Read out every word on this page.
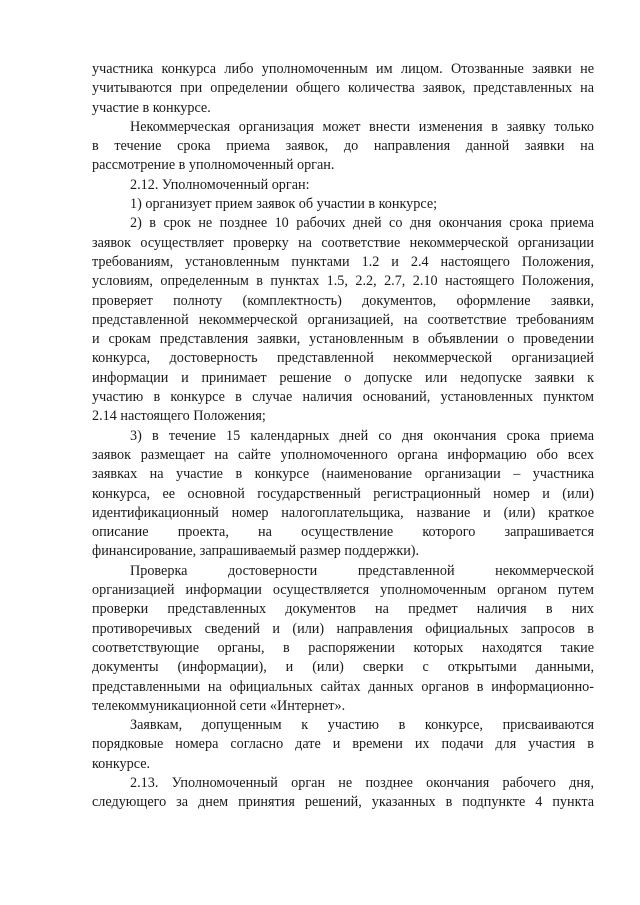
участника конкурса либо уполномоченным им лицом. Отозванные заявки не
учитываются при определении общего количества заявок, представленных на
участие в конкурсе.
Некоммерческая организация может внести изменения в заявку только
в течение срока приема заявок, до направления данной заявки на
рассмотрение в уполномоченный орган.
2.12. Уполномоченный орган:
1) организует прием заявок об участии в конкурсе;
2) в срок не позднее 10 рабочих дней со дня окончания срока приема
заявок осуществляет проверку на соответствие некоммерческой организации
требованиям, установленным пунктами 1.2 и 2.4 настоящего Положения,
условиям, определенным в пунктах 1.5, 2.2, 2.7, 2.10 настоящего Положения,
проверяет полноту (комплектность) документов, оформление заявки,
представленной некоммерческой организацией, на соответствие требованиям
и срокам представления заявки, установленным в объявлении о проведении
конкурса, достоверность представленной некоммерческой организацией
информации и принимает решение о допуске или недопуске заявки к
участию в конкурсе в случае наличия оснований, установленных пунктом
2.14 настоящего Положения;
3) в течение 15 календарных дней со дня окончания срока приема
заявок размещает на сайте уполномоченного органа информацию обо всех
заявках на участие в конкурсе (наименование организации – участника
конкурса, ее основной государственный регистрационный номер и (или)
идентификационный номер налогоплательщика, название и (или) краткое
описание проекта, на осуществление которого запрашивается
финансирование, запрашиваемый размер поддержки).
Проверка достоверности представленной некоммерческой
организацией информации осуществляется уполномоченным органом путем
проверки представленных документов на предмет наличия в них
противоречивых сведений и (или) направления официальных запросов в
соответствующие органы, в распоряжении которых находятся такие
документы (информации), и (или) сверки с открытыми данными,
представленными на официальных сайтах данных органов в информационно-
телекоммуникационной сети «Интернет».
Заявкам, допущенным к участию в конкурсе, присваиваются
порядковые номера согласно дате и времени их подачи для участия в
конкурсе.
2.13. Уполномоченный орган не позднее окончания рабочего дня,
следующего за днем принятия решений, указанных в подпункте 4 пункта
